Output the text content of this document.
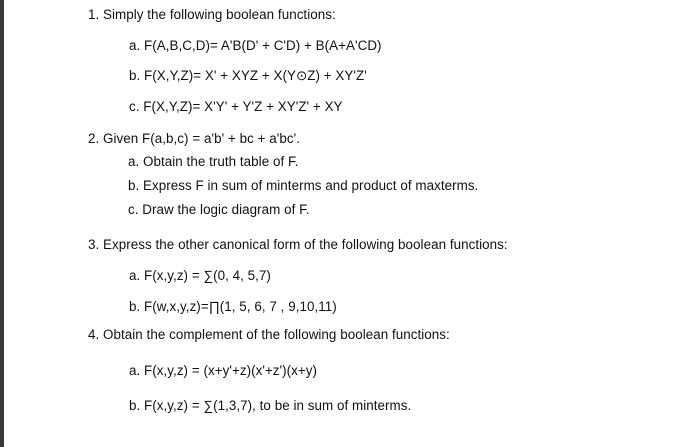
1. Simply the following boolean functions:
a. F(A,B,C,D)= A'B(D' + C'D) + B(A+A'CD)
b. F(X,Y,Z)= X' + XYZ + X(Y⊙Z) + XY'Z'
c. F(X,Y,Z)= X'Y' + Y'Z + XY'Z' + XY
2. Given F(a,b,c) = a'b' + bc + a'bc'.
a. Obtain the truth table of F.
b. Express F in sum of minterms and product of maxterms.
c. Draw the logic diagram of F.
3. Express the other canonical form of the following boolean functions:
a. F(x,y,z) = ∑(0, 4, 5,7)
b. F(w,x,y,z)=∏(1, 5, 6, 7 , 9,10,11)
4. Obtain the complement of the following boolean functions:
a. F(x,y,z) = (x+y'+z)(x'+z')(x+y)
b. F(x,y,z) = ∑(1,3,7), to be in sum of minterms.
